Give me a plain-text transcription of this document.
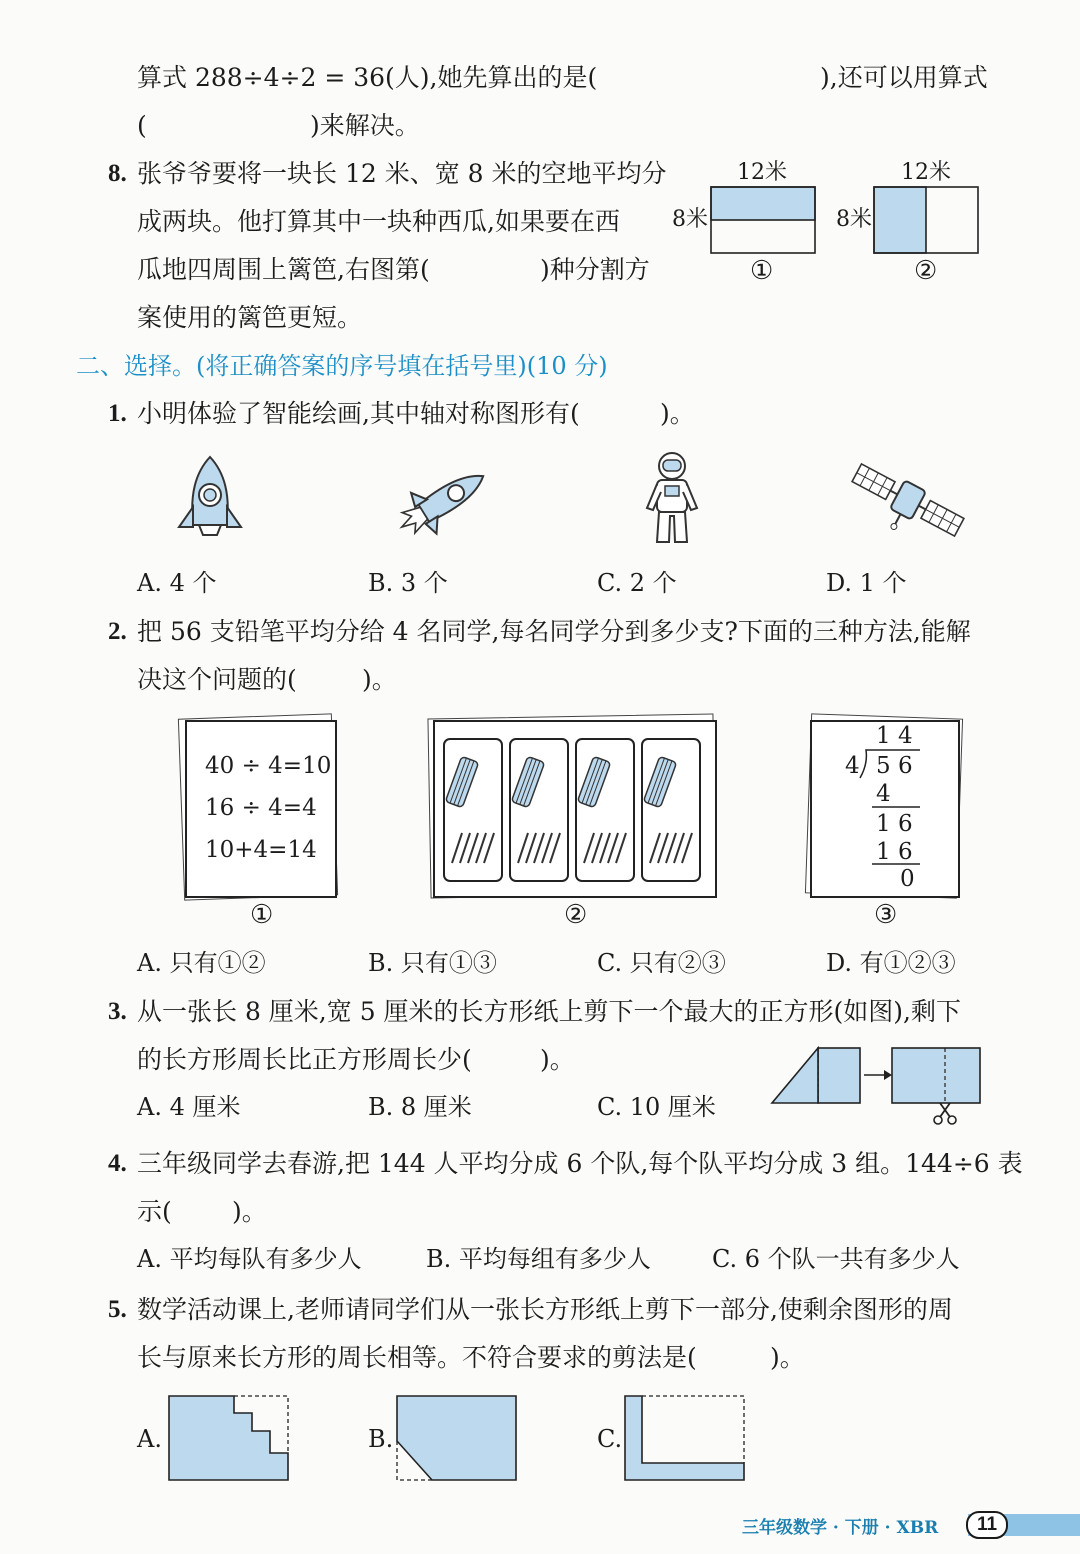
算式 288÷4÷2 = 36(人),她先算出的是(	),还可以用算式
(	)来解决。
8. 张爷爷要将一块长 12 米、宽 8 米的空地平均分
成两块。他打算其中一块种西瓜,如果要在西
瓜地四周围上篱笆,右图第(	)种分割方
案使用的篱笆更短。
12米
8米
①
12米
8米
②
二、选择。(将正确答案的序号填在括号里)(10 分)
1. 小明体验了智能绘画,其中轴对称图形有(	)。
A. 4 个	B. 3 个	C. 2 个	D. 1 个
2. 把 56 支铅笔平均分给 4 名同学,每名同学分到多少支?下面的三种方法,能解
决这个问题的(	)。
40 ÷ 4=10
16 ÷ 4=4
10+4=14
①	②
1 4
4 5 6
4
1 6
1 6
0
③
A. 只有①②	B. 只有①③	C. 只有②③	D. 有①②③
3. 从一张长 8 厘米,宽 5 厘米的长方形纸上剪下一个最大的正方形(如图),剩下
的长方形周长比正方形周长少(	)。
A. 4 厘米	B. 8 厘米	C. 10 厘米
4. 三年级同学去春游,把 144 人平均分成 6 个队,每个队平均分成 3 组。144÷6 表
示( )。
A. 平均每队有多少人	B. 平均每组有多少人	C. 6 个队一共有多少人
5. 数学活动课上,老师请同学们从一张长方形纸上剪下一部分,使剩余图形的周
长与原来长方形的周长相等。不符合要求的剪法是(	)。
A.	B.	C.
三年级数学 · 下册 · XBR	11
